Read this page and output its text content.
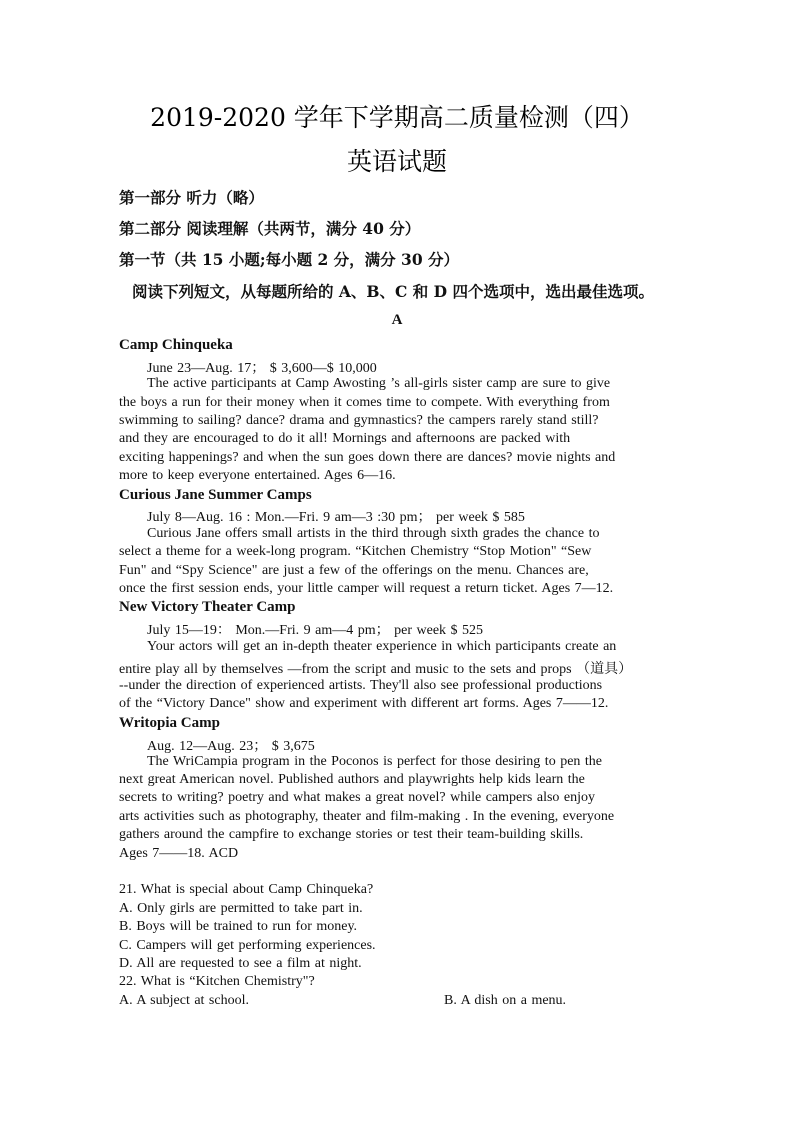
2019-2020 学年下学期高二质量检测（四）
英语试题
第一部分 听力（略）
第二部分 阅读理解（共两节，满分 40 分）
第一节（共 15 小题;每小题 2 分，满分 30 分）
阅读下列短文，从每题所给的 A、B、C 和 D 四个选项中，选出最佳选项。
A
Camp Chinqueka
June 23—Aug. 17； $ 3,600—$ 10,000
The active participants at Camp Awosting ’s all-girls sister camp are sure to give
the boys a run for their money when it comes time to compete. With everything from
swimming to sailing? dance? drama and gymnastics? the campers rarely stand still?
and they are encouraged to do it all! Mornings and afternoons are packed with
exciting happenings? and when the sun goes down there are dances? movie nights and
more to keep everyone entertained. Ages 6—16.
Curious Jane Summer Camps
July 8—Aug. 16 : Mon.—Fri. 9 am—3 :30 pm； per week $ 585
Curious Jane offers small artists in the third through sixth grades the chance to
select a theme for a week-long program. “Kitchen Chemistry “Stop Motion" “Sew
Fun" and “Spy Science" are just a few of the offerings on the menu. Chances are,
once the first session ends, your little camper will request a return ticket. Ages 7—12.
New Victory Theater Camp
July 15—19： Mon.—Fri. 9 am—4 pm； per week $ 525
Your actors will get an in-depth theater experience in which participants create an
entire play all by themselves —from the script and music to the sets and props （道具）
--under the direction of experienced artists. They'll also see professional productions
of the “Victory Dance" show and experiment with different art forms. Ages 7——12.
Writopia Camp
Aug. 12—Aug. 23； $ 3,675
The WriCampia program in the Poconos is perfect for those desiring to pen the
next great American novel. Published authors and playwrights help kids learn the
secrets to writing? poetry and what makes a great novel? while campers also enjoy
arts activities such as photography, theater and film-making . In the evening, everyone
gathers around the campfire to exchange stories or test their team-building skills.
Ages 7——18. ACD
21. What is special about Camp Chinqueka?
A. Only girls are permitted to take part in.
B. Boys will be trained to run for money.
C. Campers will get performing experiences.
D. All are requested to see a film at night.
22. What is “Kitchen Chemistry"?
A. A subject at school.	B. A dish on a menu.
